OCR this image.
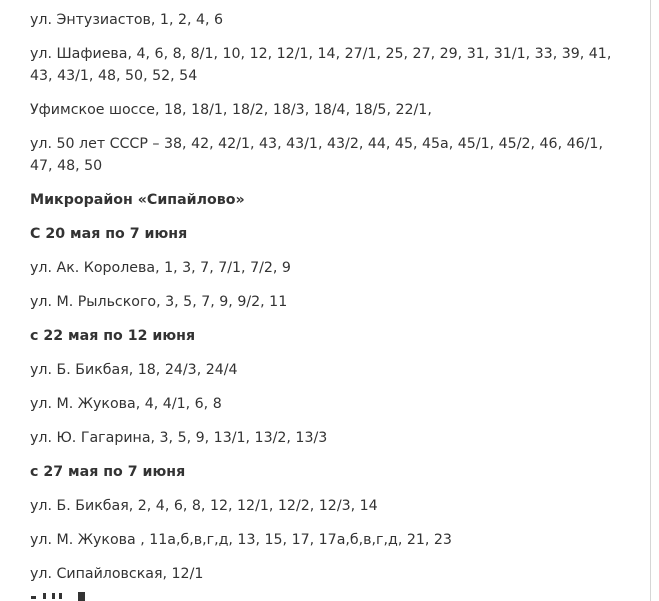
ул. Энтузиастов, 1, 2, 4, 6

ул. Шафиева, 4, 6, 8, 8/1, 10, 12, 12/1, 14, 27/1, 25, 27, 29, 31, 31/1, 33, 39, 41, 43, 43/1, 48, 50, 52, 54

Уфимское шоссе, 18, 18/1, 18/2, 18/3, 18/4, 18/5, 22/1,

ул. 50 лет СССР – 38, 42, 42/1, 43, 43/1, 43/2, 44, 45, 45а, 45/1, 45/2, 46, 46/1, 47, 48, 50

Микрорайон «Сипайлово»

С 20 мая по 7 июня

ул. Ак. Королева, 1, 3, 7, 7/1, 7/2, 9

ул. М. Рыльского, 3, 5, 7, 9, 9/2, 11

с 22 мая по 12 июня

ул. Б. Бикбая, 18, 24/3, 24/4

ул. М. Жукова, 4, 4/1, 6, 8

ул. Ю. Гагарина, 3, 5, 9, 13/1, 13/2, 13/3

с 27 мая по 7 июня

ул. Б. Бикбая, 2, 4, 6, 8, 12, 12/1, 12/2, 12/3, 14

ул. М. Жукова , 11а,б,в,г,д, 13, 15, 17, 17а,б,в,г,д, 21, 23

ул. Сипайловская, 12/1
